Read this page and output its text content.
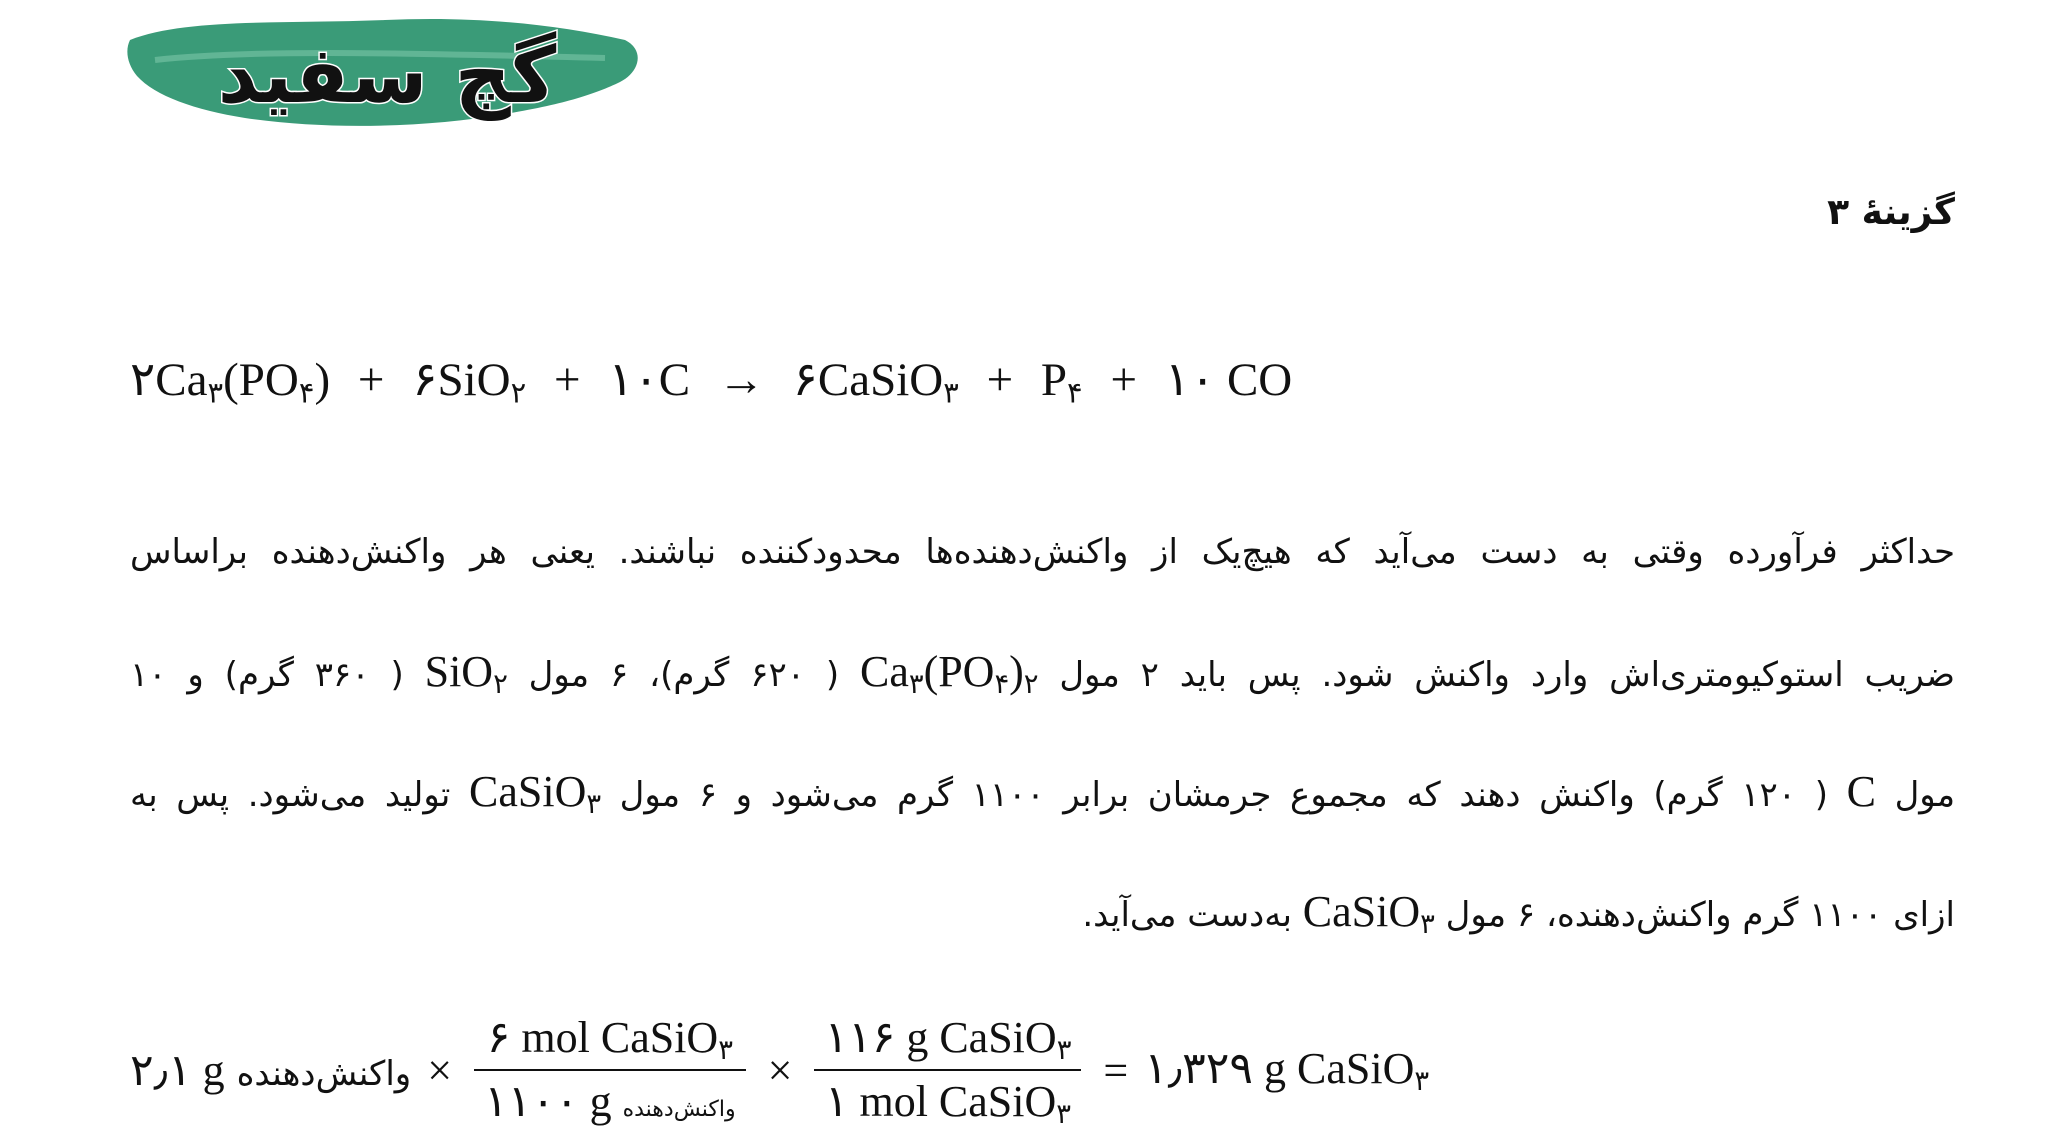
گچ سفید
گزینهٔ ۳
$۲Ca_۳(PO_۴)$ + ۶SiO$_۲$ + ۱۰C → ۶CaSiO$_۳$ + $P_۴$ + ۱۰ CO
حداکثر فرآورده وقتی به دست می‌آید که هیچ‌یک از واکنش‌دهنده‌ها محدودکننده نباشند. یعنی هر واکنش‌دهنده براساس
ضریب استوکیومتری‌اش وارد واکنش شود. پس باید ۲ مول $Ca_۳(PO_۴)_۲$ ( ۶۲۰ گرم)، ۶ مول SiO$_۲$ ( ۳۶۰ گرم) و ۱۰
مول C ( ۱۲۰ گرم) واکنش دهند که مجموع جرمشان برابر ۱۱۰۰ گرم می‌شود و ۶ مول CaSiO$_۳$ تولید می‌شود. پس به
ازای ۱۱۰۰ گرم واکنش‌دهنده، ۶ مول CaSiO$_۳$ به‌دست می‌آید.
۲٫۱ g واکنش‌دهنده × $\frac{۶ mol CaSiO_۳}{\text{۱۱۰۰ g واکنش‌دهنده}} \times \frac{۱۱۶ g CaSiO_۳}{۱ mol CaSiO_۳}$ = ۱٫۳۲۹ g CaSiO$_۳$
